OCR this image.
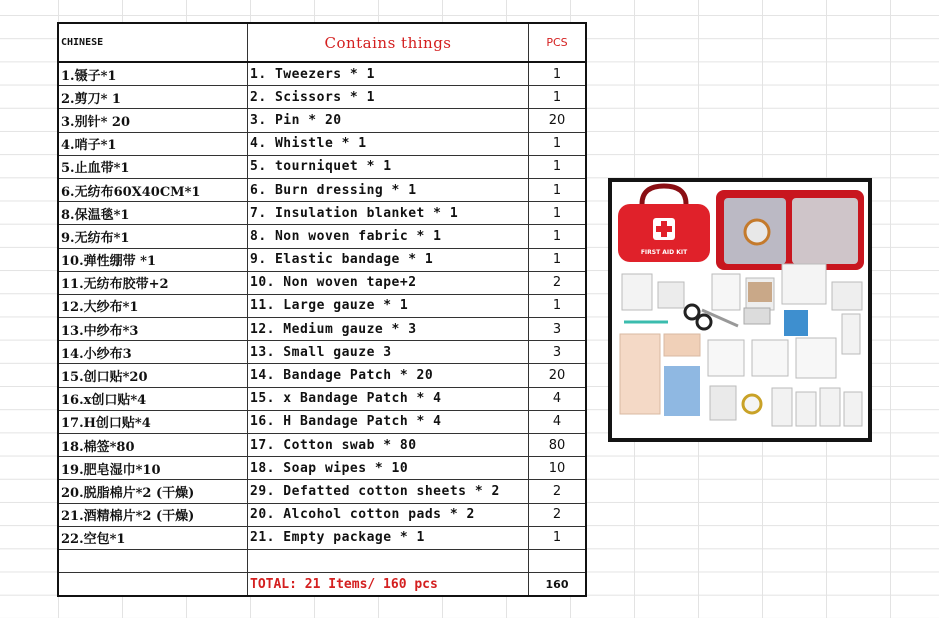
CHINESE	Contains things	PCS
1.镊子*1	1. Tweezers * 1	1
2.剪刀* 1	2. Scissors * 1	1
3.别针* 20	3. Pin * 20	20
4.哨子*1	4. Whistle * 1	1
5.止血带*1	5. tourniquet * 1	1
6.无纺布60X40CM*1	6. Burn dressing * 1	1
8.保温毯*1	7. Insulation blanket * 1	1
9.无纺布*1	8. Non woven fabric * 1	1
10.弹性绷带 *1	9. Elastic bandage * 1	1
11.无纺布胶带+2	10. Non woven tape+2	2
12.大纱布*1	11. Large gauze * 1	1
13.中纱布*3	12. Medium gauze * 3	3
14.小纱布3	13. Small gauze 3	3
15.创口贴*20	14. Bandage Patch * 20	20
16.x创口贴*4	15. x Bandage Patch * 4	4
17.H创口贴*4	16. H Bandage Patch * 4	4
18.棉签*80	17. Cotton swab * 80	80
19.肥皂湿巾*10	18. Soap wipes * 10	10
20.脱脂棉片*2 (干燥)	29. Defatted cotton sheets * 2	2
21.酒精棉片*2 (干燥)	20. Alcohol cotton pads * 2	2
22.空包*1	21. Empty package * 1	1

	TOTAL: 21 Items/ 160 pcs	160
FIRST AID KIT
